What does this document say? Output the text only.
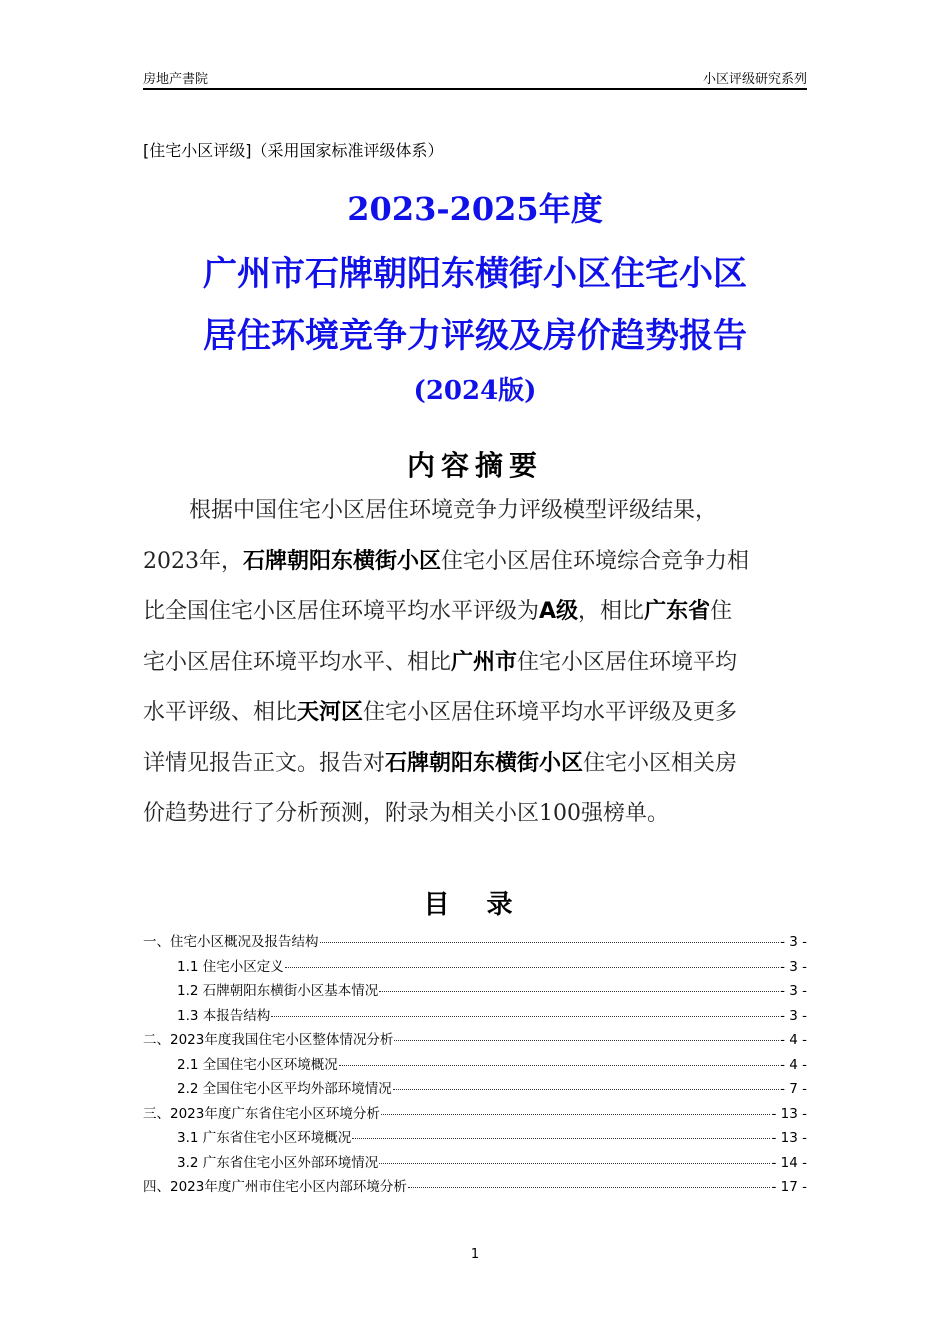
房地产書院	小区评级研究系列
[住宅小区评级]（采用国家标准评级体系）
2023-2025年度
广州市石牌朝阳东横街小区住宅小区
居住环境竞争力评级及房价趋势报告
(2024版)
内容摘要
根据中国住宅小区居住环境竞争力评级模型评级结果，
2023年，石牌朝阳东横街小区住宅小区居住环境综合竞争力相
比全国住宅小区居住环境平均水平评级为A级，相比广东省住
宅小区居住环境平均水平、相比广州市住宅小区居住环境平均
水平评级、相比天河区住宅小区居住环境平均水平评级及更多
详情见报告正文。报告对石牌朝阳东横街小区住宅小区相关房
价趋势进行了分析预测，附录为相关小区100强榜单。
目 录
一、住宅小区概况及报告结构	- 3 -
1.1 住宅小区定义	- 3 -
1.2 石牌朝阳东横街小区基本情况	- 3 -
1.3 本报告结构	- 3 -
二、2023年度我国住宅小区整体情况分析	- 4 -
2.1 全国住宅小区环境概况	- 4 -
2.2 全国住宅小区平均外部环境情况	- 7 -
三、2023年度广东省住宅小区环境分析	- 13 -
3.1 广东省住宅小区环境概况	- 13 -
3.2 广东省住宅小区外部环境情况	- 14 -
四、2023年度广州市住宅小区内部环境分析	- 17 -
1
